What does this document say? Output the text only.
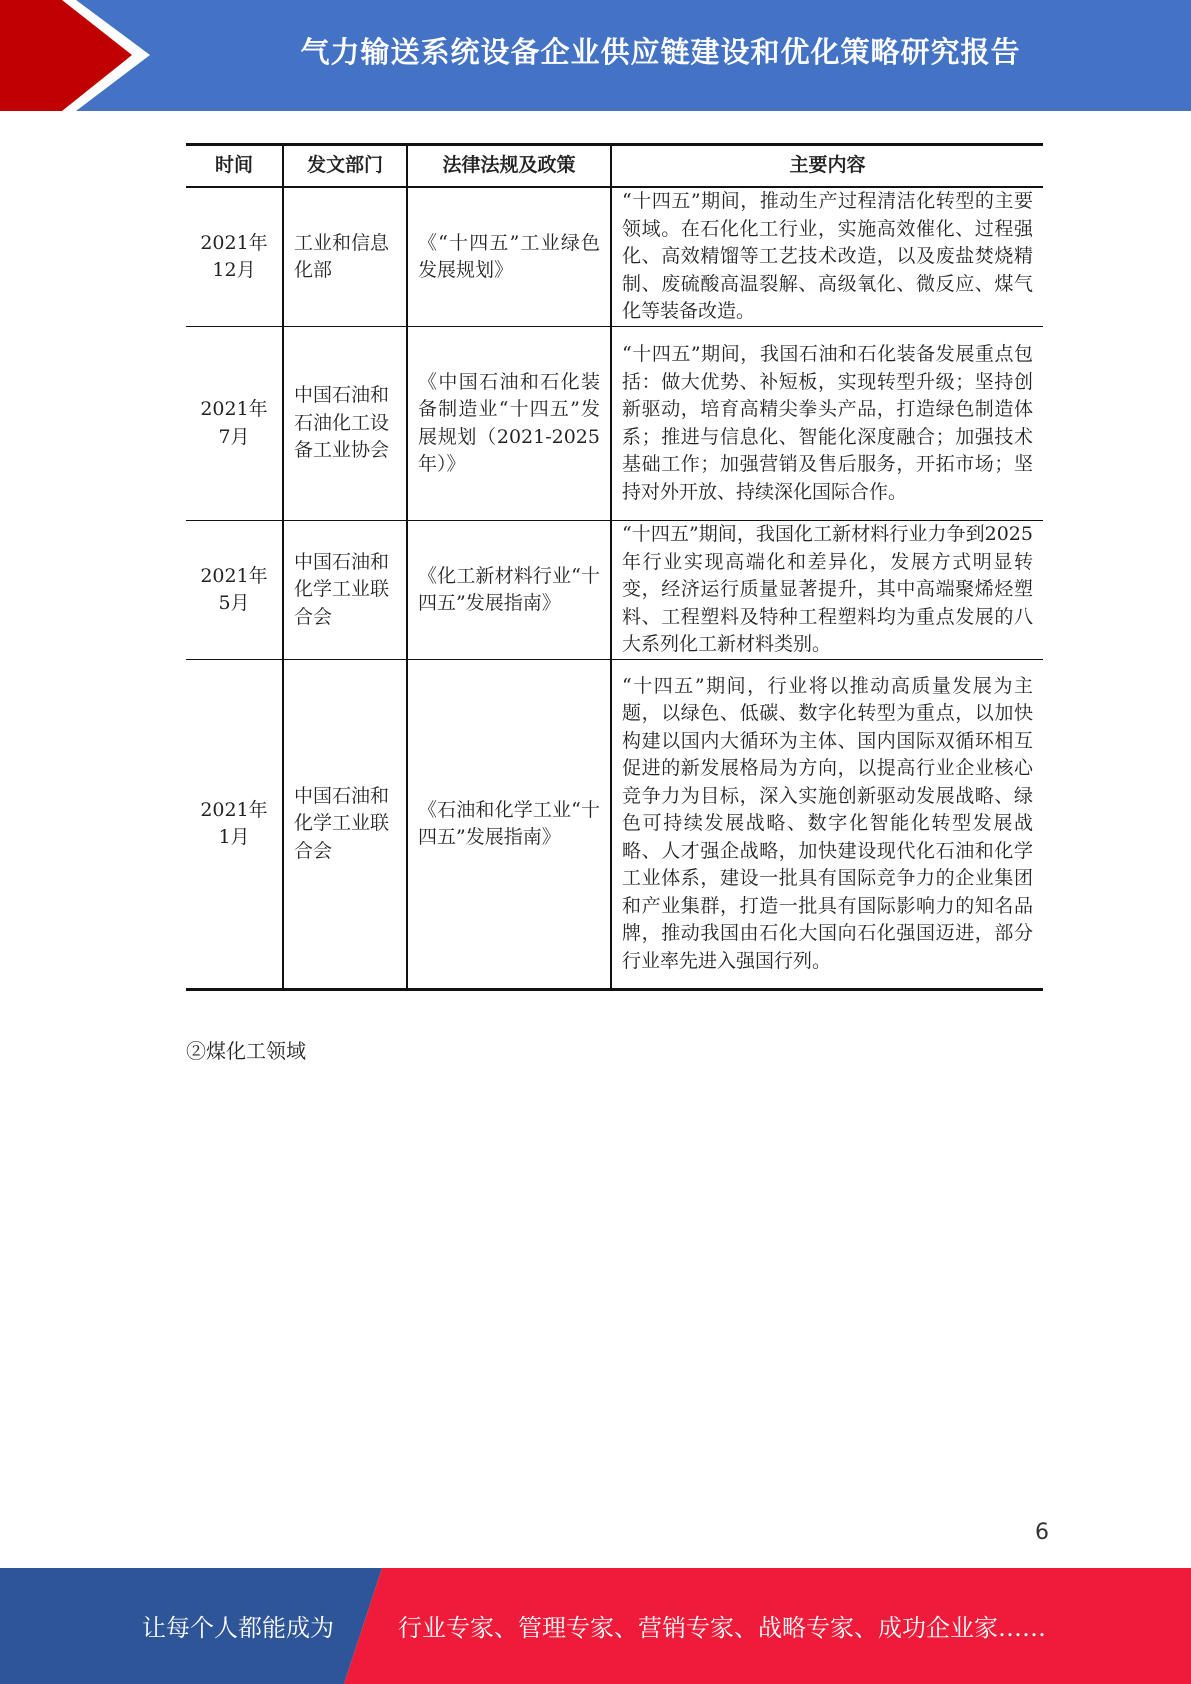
气力输送系统设备企业供应链建设和优化策略研究报告
时间	发文部门	法律法规及政策	主要内容
2021年12月	工业和信息化部	《“十四五”工业绿色发展规划》	“十四五”期间，推动生产过程清洁化转型的主要领域。在石化化工行业，实施高效催化、过程强化、高效精馏等工艺技术改造，以及废盐焚烧精制、废硫酸高温裂解、高级氧化、微反应、煤气化等装备改造。
2021年7月	中国石油和石油化工设备工业协会	《中国石油和石化装备制造业“十四五”发展规划（2021-2025年）》	“十四五”期间，我国石油和石化装备发展重点包括：做大优势、补短板，实现转型升级；坚持创新驱动，培育高精尖拳头产品，打造绿色制造体系；推进与信息化、智能化深度融合；加强技术基础工作；加强营销及售后服务，开拓市场；坚持对外开放、持续深化国际合作。
2021年5月	中国石油和化学工业联合会	《化工新材料行业“十四五”发展指南》	“十四五”期间，我国化工新材料行业力争到2025年行业实现高端化和差异化，发展方式明显转变，经济运行质量显著提升，其中高端聚烯烃塑料、工程塑料及特种工程塑料均为重点发展的八大系列化工新材料类别。
2021年1月	中国石油和化学工业联合会	《石油和化学工业“十四五”发展指南》	“十四五”期间，行业将以推动高质量发展为主题，以绿色、低碳、数字化转型为重点，以加快构建以国内大循环为主体、国内国际双循环相互促进的新发展格局为方向，以提高行业企业核心竞争力为目标，深入实施创新驱动发展战略、绿色可持续发展战略、数字化智能化转型发展战略、人才强企战略，加快建设现代化石油和化学工业体系，建设一批具有国际竞争力的企业集团和产业集群，打造一批具有国际影响力的知名品牌，推动我国由石化大国向石化强国迈进，部分行业率先进入强国行列。
②煤化工领域
6
让每个人都能成为	行业专家、管理专家、营销专家、战略专家、成功企业家……
